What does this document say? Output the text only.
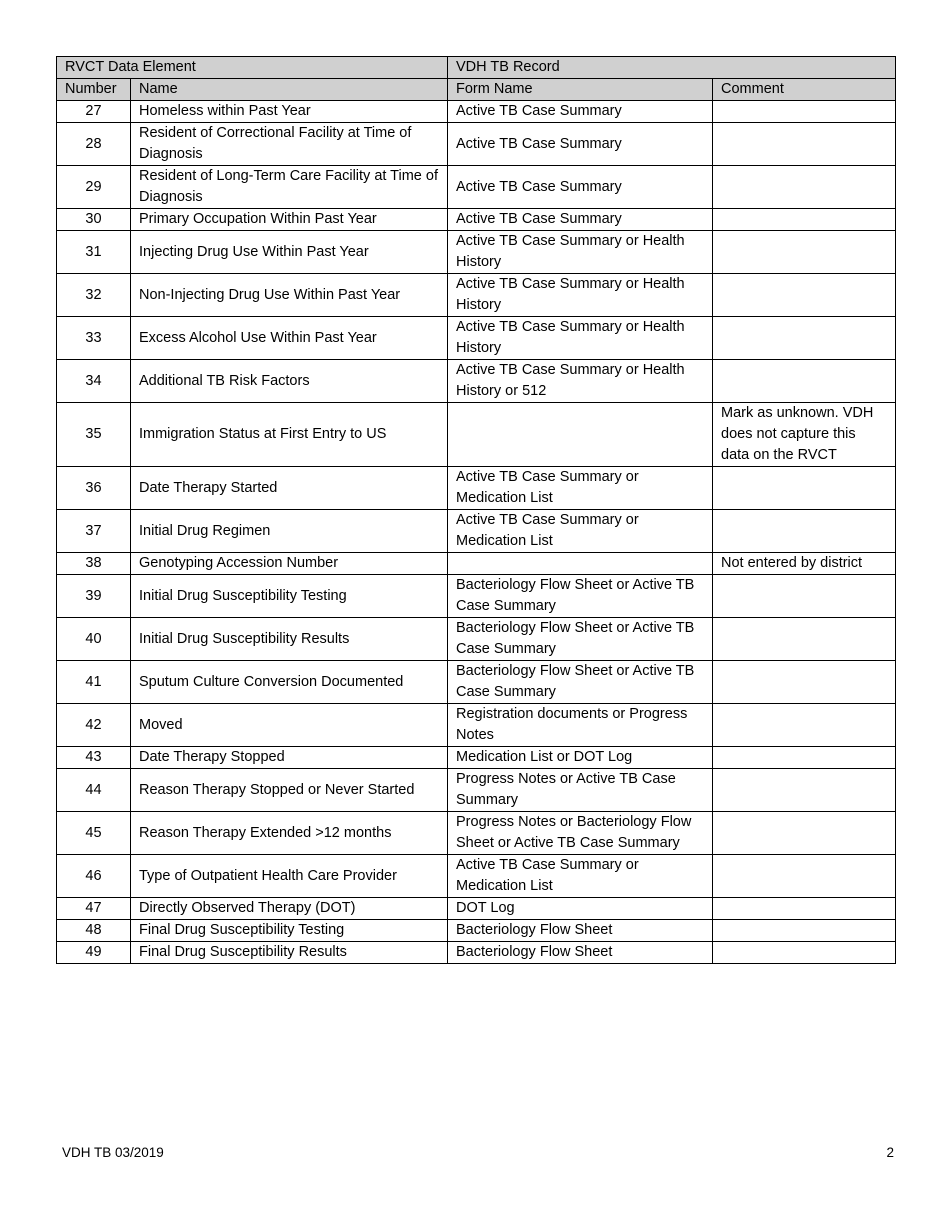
RVCT Data Element		VDH TB Record	
Number	Name	Form Name	Comment
27	Homeless within Past Year	Active TB Case Summary	
28	Resident of Correctional Facility at Time of Diagnosis	Active TB Case Summary	
29	Resident of Long-Term Care Facility at Time of Diagnosis	Active TB Case Summary	
30	Primary Occupation Within Past Year	Active TB Case Summary	
31	Injecting Drug Use Within Past Year	Active TB Case Summary or Health History	
32	Non-Injecting Drug Use Within Past Year	Active TB Case Summary or Health History	
33	Excess Alcohol Use Within Past Year	Active TB Case Summary or Health History	
34	Additional TB Risk Factors	Active TB Case Summary or Health History or 512	
35	Immigration Status at First Entry to US		Mark as unknown. VDH does not capture this data on the RVCT
36	Date Therapy Started	Active TB Case Summary or Medication List	
37	Initial Drug Regimen	Active TB Case Summary or Medication List	
38	Genotyping Accession Number		Not entered by district
39	Initial Drug Susceptibility Testing	Bacteriology Flow Sheet or Active TB Case Summary	
40	Initial Drug Susceptibility Results	Bacteriology Flow Sheet or Active TB Case Summary	
41	Sputum Culture Conversion Documented	Bacteriology Flow Sheet or Active TB Case Summary	
42	Moved	Registration documents or Progress Notes	
43	Date Therapy Stopped	Medication List or DOT Log	
44	Reason Therapy Stopped or Never Started	Progress Notes or Active TB Case Summary	
45	Reason Therapy Extended >12 months	Progress Notes or Bacteriology Flow Sheet or Active TB Case Summary	
46	Type of Outpatient Health Care Provider	Active TB Case Summary or Medication List	
47	Directly Observed Therapy (DOT)	DOT Log	
48	Final Drug Susceptibility Testing	Bacteriology Flow Sheet	
49	Final Drug Susceptibility Results	Bacteriology Flow Sheet	
VDH TB 03/2019	2
